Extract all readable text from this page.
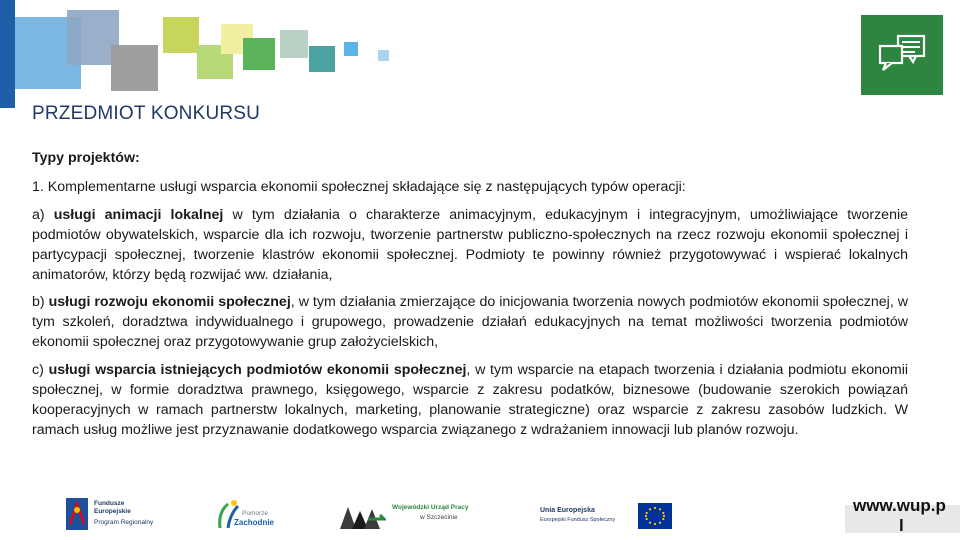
PRZEDMIOT KONKURSU
Typy projektów:
1. Komplementarne usługi wsparcia ekonomii społecznej składające się z następujących typów operacji:
a) usługi animacji lokalnej w tym działania o charakterze animacyjnym, edukacyjnym i integracyjnym, umożliwiające tworzenie podmiotów obywatelskich, wsparcie dla ich rozwoju, tworzenie partnerstw publiczno-społecznych na rzecz rozwoju ekonomii społecznej i partycypacji społecznej, tworzenie klastrów ekonomii społecznej. Podmioty te powinny również przygotowywać i wspierać lokalnych animatorów, którzy będą rozwijać ww. działania,
b) usługi rozwoju ekonomii społecznej, w tym działania zmierzające do inicjowania tworzenia nowych podmiotów ekonomii społecznej, w tym szkoleń, doradztwa indywidualnego i grupowego, prowadzenie działań edukacyjnych na temat możliwości tworzenia podmiotów ekonomii społecznej oraz przygotowywanie grup założycielskich,
c) usługi wsparcia istniejących podmiotów ekonomii społecznej, w tym wsparcie na etapach tworzenia i działania podmiotu ekonomii społecznej, w formie doradztwa prawnego, księgowego, wsparcie z zakresu podatków, biznesowe (budowanie szerokich powiązań kooperacyjnych w ramach partnerstw lokalnych, marketing, planowanie strategiczne) oraz wsparcie z zakresu zasobów ludzkich. W ramach usług możliwe jest przyznawanie dodatkowego wsparcia związanego z wdrażaniem innowacji lub planów rozwoju.
Fundusze
Europejskie
Program Regionalny
Pomorze
Zachodnie
Wojewódzki Urząd Pracy
w Szczecinie
Unia Europejska
Europejski Fundusz Społeczny
www.wup.p
l
